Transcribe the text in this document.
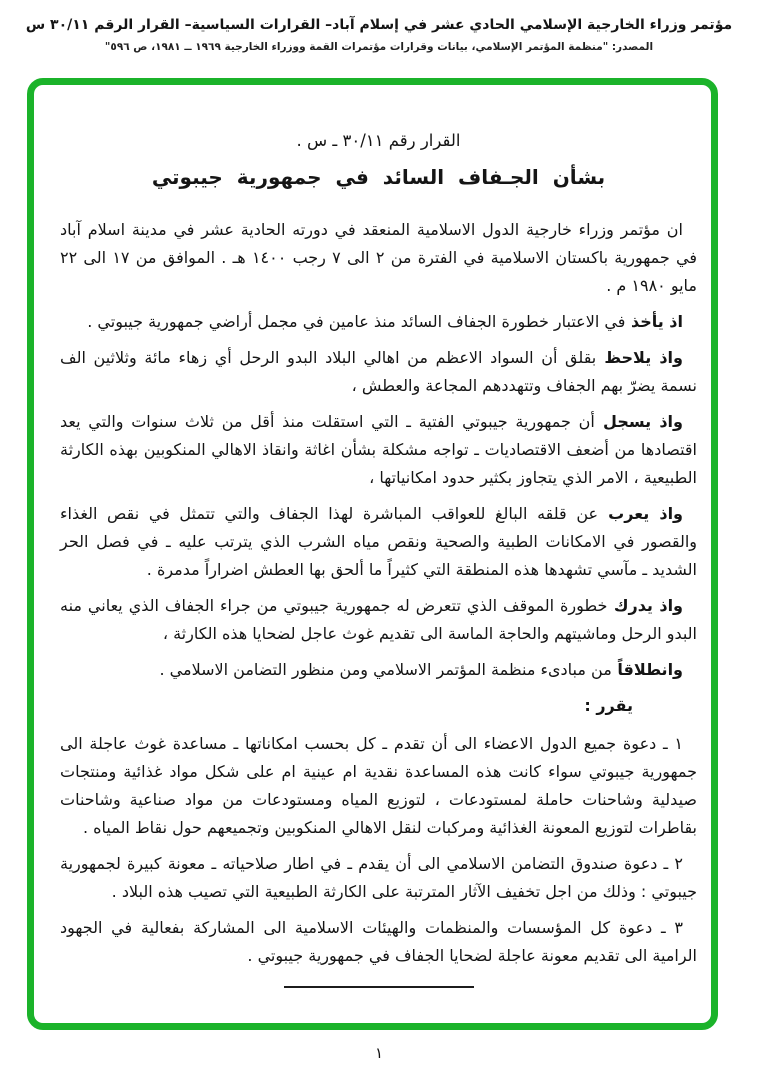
مؤتمر وزراء الخارجية الإسلامي الحادي عشر في إسلام آباد– القرارات السياسية– القرار الرقم ٣٠/١١ س
المصدر: "منظمة المؤتمر الإسلامي، بيانات وقرارات مؤتمرات القمة ووزراء الخارجية ١٩٦٩ ــ ١٩٨١، ص ٥٩٦"
القرار رقم ٣٠/١١ ـ س .
بشأن الجـفاف السائد في جمهورية جيبوتي

ان مؤتمر وزراء خارجية الدول الاسلامية المنعقد في دورته الحادية عشر في مدينة اسلام آباد في جمهورية باكستان الاسلامية في الفترة من ٢ الى ٧ رجب ١٤٠٠ هـ . الموافق من ١٧ الى ٢٢ مايو ١٩٨٠ م .

اذ يأخذ في الاعتبار خطورة الجفاف السائد منذ عامين في مجمل أراضي جمهورية جيبوتي .

واذ يلاحظ بقلق أن السواد الاعظم من اهالي البلاد البدو الرحل أي زهاء مائة وثلاثين الف نسمة يضرّ بهم الجفاف وتتهددهم المجاعة والعطش ،

واذ يسجل أن جمهورية جيبوتي الفتية ـ التي استقلت منذ أقل من ثلاث سنوات والتي يعد اقتصادها من أضعف الاقتصاديات ـ تواجه مشكلة بشأن اغاثة وانقاذ الاهالي المنكوبين بهذه الكارثة الطبيعية ، الامر الذي يتجاوز بكثير حدود امكانياتها ،

واذ يعرب عن قلقه البالغ للعواقب المباشرة لهذا الجفاف والتي تتمثل في نقص الغذاء والقصور في الامكانات الطبية والصحية ونقص مياه الشرب الذي يترتب عليه ـ في فصل الحر الشديد ـ مآسي تشهدها هذه المنطقة التي كثيراً ما ألحق بها العطش اضراراً مدمرة .

واذ يدرك خطورة الموقف الذي تتعرض له جمهورية جيبوتي من جراء الجفاف الذي يعاني منه البدو الرحل وماشيتهم والحاجة الماسة الى تقديم غوث عاجل لضحايا هذه الكارثة ،

وانطلاقاً من مبادىء منظمة المؤتمر الاسلامي ومن منظور التضامن الاسلامي .

يقرر :

١ ـ دعوة جميع الدول الاعضاء الى أن تقدم ـ كل بحسب امكاناتها ـ مساعدة غوث عاجلة الى جمهورية جيبوتي سواء كانت هذه المساعدة نقدية ام عينية ام على شكل مواد غذائية ومنتجات صيدلية وشاحنات حاملة لمستودعات ، لتوزيع المياه ومستودعات من مواد صناعية وشاحنات بقاطرات لتوزيع المعونة الغذائية ومركبات لنقل الاهالي المنكوبين وتجميعهم حول نقاط المياه .

٢ ـ دعوة صندوق التضامن الاسلامي الى أن يقدم ـ في اطار صلاحياته ـ معونة كبيرة لجمهورية جيبوتي : وذلك من اجل تخفيف الآثار المترتبة على الكارثة الطبيعية التي تصيب هذه البلاد .

٣ ـ دعوة كل المؤسسات والمنظمات والهيئات الاسلامية الى المشاركة بفعالية في الجهود الرامية الى تقديم معونة عاجلة لضحايا الجفاف في جمهورية جيبوتي .

١
